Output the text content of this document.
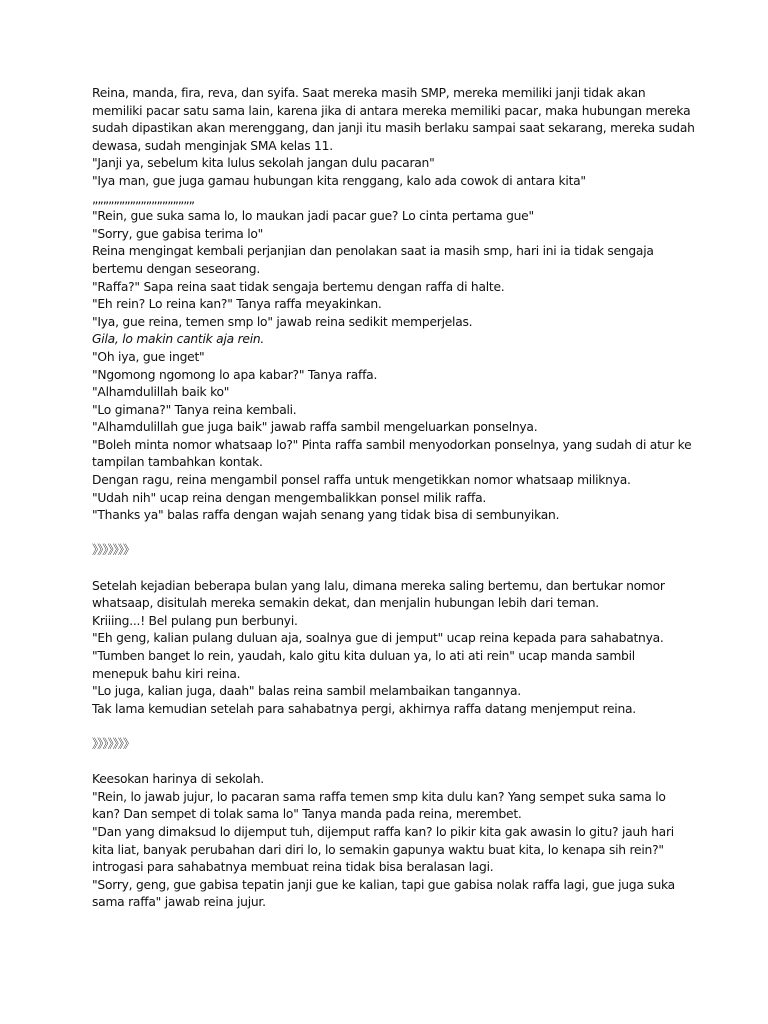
Reina, manda, fira, reva, dan syifa. Saat mereka masih SMP, mereka memiliki janji tidak akan
memiliki pacar satu sama lain, karena jika di antara mereka memiliki pacar, maka hubungan mereka
sudah dipastikan akan merenggang, dan janji itu masih berlaku sampai saat sekarang, mereka sudah
dewasa, sudah menginjak SMA kelas 11.
"Janji ya, sebelum kita lulus sekolah jangan dulu pacaran"
"Iya man, gue juga gamau hubungan kita renggang, kalo ada cowok di antara kita"
„„„„„„„„„„„„„„„„„„„
"Rein, gue suka sama lo, lo maukan jadi pacar gue? Lo cinta pertama gue"
"Sorry, gue gabisa terima lo"
Reina mengingat kembali perjanjian dan penolakan saat ia masih smp, hari ini ia tidak sengaja
bertemu dengan seseorang.
"Raffa?" Sapa reina saat tidak sengaja bertemu dengan raffa di halte.
"Eh rein? Lo reina kan?" Tanya raffa meyakinkan.
"Iya, gue reina, temen smp lo" jawab reina sedikit memperjelas.
Gila, lo makin cantik aja rein.
"Oh iya, gue inget"
"Ngomong ngomong lo apa kabar?" Tanya raffa.
"Alhamdulillah baik ko"
"Lo gimana?" Tanya reina kembali.
"Alhamdulillah gue juga baik" jawab raffa sambil mengeluarkan ponselnya.
"Boleh minta nomor whatsaap lo?" Pinta raffa sambil menyodorkan ponselnya, yang sudah di atur ke
tampilan tambahkan kontak.
Dengan ragu, reina mengambil ponsel raffa untuk mengetikkan nomor whatsaap miliknya.
"Udah nih" ucap reina dengan mengembalikkan ponsel milik raffa.
"Thanks ya" balas raffa dengan wajah senang yang tidak bisa di sembunyikan.
》》》》》》》
Setelah kejadian beberapa bulan yang lalu, dimana mereka saling bertemu, dan bertukar nomor
whatsaap, disitulah mereka semakin dekat, dan menjalin hubungan lebih dari teman.
Kriiing...! Bel pulang pun berbunyi.
"Eh geng, kalian pulang duluan aja, soalnya gue di jemput" ucap reina kepada para sahabatnya.
"Tumben banget lo rein, yaudah, kalo gitu kita duluan ya, lo ati ati rein" ucap manda sambil
menepuk bahu kiri reina.
"Lo juga, kalian juga, daah" balas reina sambil melambaikan tangannya.
Tak lama kemudian setelah para sahabatnya pergi, akhirnya raffa datang menjemput reina.
》》》》》》》
Keesokan harinya di sekolah.
"Rein, lo jawab jujur, lo pacaran sama raffa temen smp kita dulu kan? Yang sempet suka sama lo
kan? Dan sempet di tolak sama lo" Tanya manda pada reina, merembet.
"Dan yang dimaksud lo dijemput tuh, dijemput raffa kan? lo pikir kita gak awasin lo gitu? jauh hari
kita liat, banyak perubahan dari diri lo, lo semakin gapunya waktu buat kita, lo kenapa sih rein?"
introgasi para sahabatnya membuat reina tidak bisa beralasan lagi.
"Sorry, geng, gue gabisa tepatin janji gue ke kalian, tapi gue gabisa nolak raffa lagi, gue juga suka
sama raffa" jawab reina jujur.
